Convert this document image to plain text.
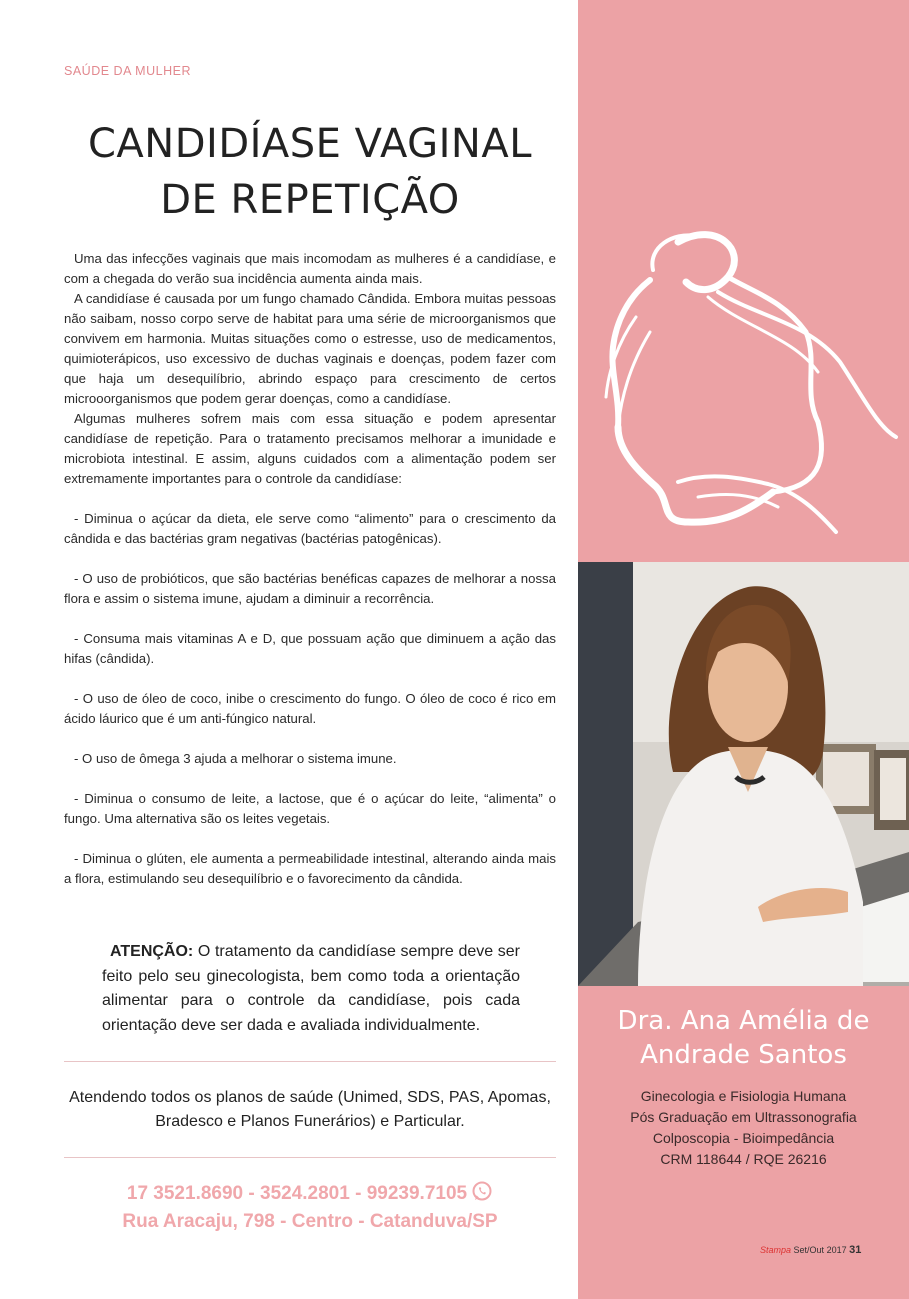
SAÚDE DA MULHER
CANDIDÍASE VAGINAL
DE REPETIÇÃO

Uma das infecções vaginais que mais incomodam as mulheres é a candidíase, e com a chegada do verão sua incidência aumenta ainda mais.

A candidíase é causada por um fungo chamado Cândida. Embora muitas pessoas não saibam, nosso corpo serve de habitat para uma série de microorganismos que convivem em harmonia. Muitas situações como o estresse, uso de medicamentos, quimioterápicos, uso excessivo de duchas vaginais e doenças, podem fazer com que haja um desequilíbrio, abrindo espaço para crescimento de certos microoorganismos que podem gerar doenças, como a candidíase.

Algumas mulheres sofrem mais com essa situação e podem apresentar candidíase de repetição. Para o tratamento precisamos melhorar a imunidade e microbiota intestinal. E assim, alguns cuidados com a alimentação podem ser extremamente importantes para o controle da candidíase:

- Diminua o açúcar da dieta, ele serve como “alimento” para o crescimento da cândida e das bactérias gram negativas (bactérias patogênicas).

- O uso de probióticos, que são bactérias benéficas capazes de melhorar a nossa flora e assim o sistema imune, ajudam a diminuir a recorrência.

- Consuma mais vitaminas A e D, que possuam ação que diminuem a ação das hifas (cândida).

- O uso de óleo de coco, inibe o crescimento do fungo. O óleo de coco é rico em ácido láurico que é um anti-fúngico natural.

- O uso de ômega 3 ajuda a melhorar o sistema imune.

- Diminua o consumo de leite, a lactose, que é o açúcar do leite, “alimenta” o fungo. Uma alternativa são os leites vegetais.

- Diminua o glúten, ele aumenta a permeabilidade intestinal, alterando ainda mais a flora, estimulando seu desequilíbrio e o favorecimento da cândida.

ATENÇÃO: O tratamento da candidíase sempre deve ser feito pelo seu ginecologista, bem como toda a orientação alimentar para o controle da candidíase, pois cada orientação deve ser dada e avaliada individualmente.
Atendendo todos os planos de saúde (Unimed, SDS, PAS, Apomas, Bradesco e Planos Funerários) e Particular.
17 3521.8690 - 3524.2801 - 99239.7105
Rua Aracaju, 798 - Centro - Catanduva/SP
Dra. Ana Amélia de
Andrade Santos
Ginecologia e Fisiologia Humana
Pós Graduação em Ultrassonografia
Colposcopia - Bioimpedância
CRM 118644 / RQE 26216
Stampa Set/Out 2017 31
